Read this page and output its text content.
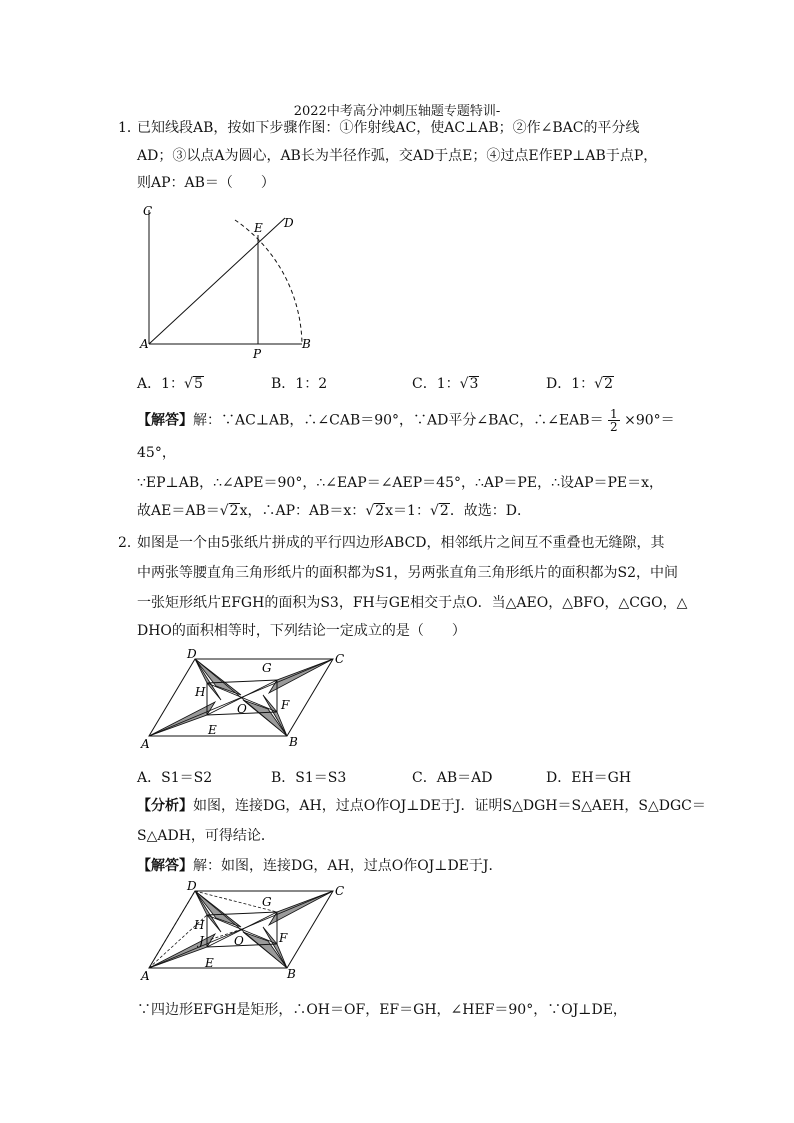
2022中考高分冲刺压轴题专题特训-
1．
已知线段AB，按如下步骤作图：①作射线AC，使AC⊥AB；②作∠BAC的平分线
AD；③以点A为圆心，AB长为半径作弧，交AD于点E；④过点E作EP⊥AB于点P，
则AP：AB＝（　　）
C
E D
A
P
B
A．1：√5	B．1：2	C．1：√3	D．1：√2
【解答】解：∵AC⊥AB，∴∠CAB＝90°，∵AD平分∠BAC，∴∠EAB＝ $\frac{1}{2} \times 90^\circ=$
45°，
∵EP⊥AB，∴∠APE＝90°，∴∠EAP＝∠AEP＝45°，∴AP＝PE，∴设AP＝PE＝x，
故AE＝AB＝√2x，∴AP：AB＝x：√2x＝1：√2．故选：D．
2．
如图是一个由5张纸片拼成的平行四边形ABCD，相邻纸片之间互不重叠也无缝隙，其
中两张等腰直角三角形纸片的面积都为S1，另两张直角三角形纸片的面积都为S2，中间
一张矩形纸片EFGH的面积为S3，FH与GE相交于点O．当△AEO，△BFO，△CGO，△
DHO的面积相等时，下列结论一定成立的是（　　）
D
G
C
H
O	F
A
E
B
A．S1＝S2	B．S1＝S3	C．AB＝AD	D．EH＝GH
【分析】如图，连接DG，AH，过点O作OJ⊥DE于J．证明S△DGH＝S△AEH，S△DGC＝
S△ADH，可得结论．
【解答】解：如图，连接DG，AH，过点O作OJ⊥DE于J．
D
G
C
H
J	O	F
A
E
B
∵四边形EFGH是矩形，∴OH＝OF，EF＝GH，∠HEF＝90°，∵OJ⊥DE，
